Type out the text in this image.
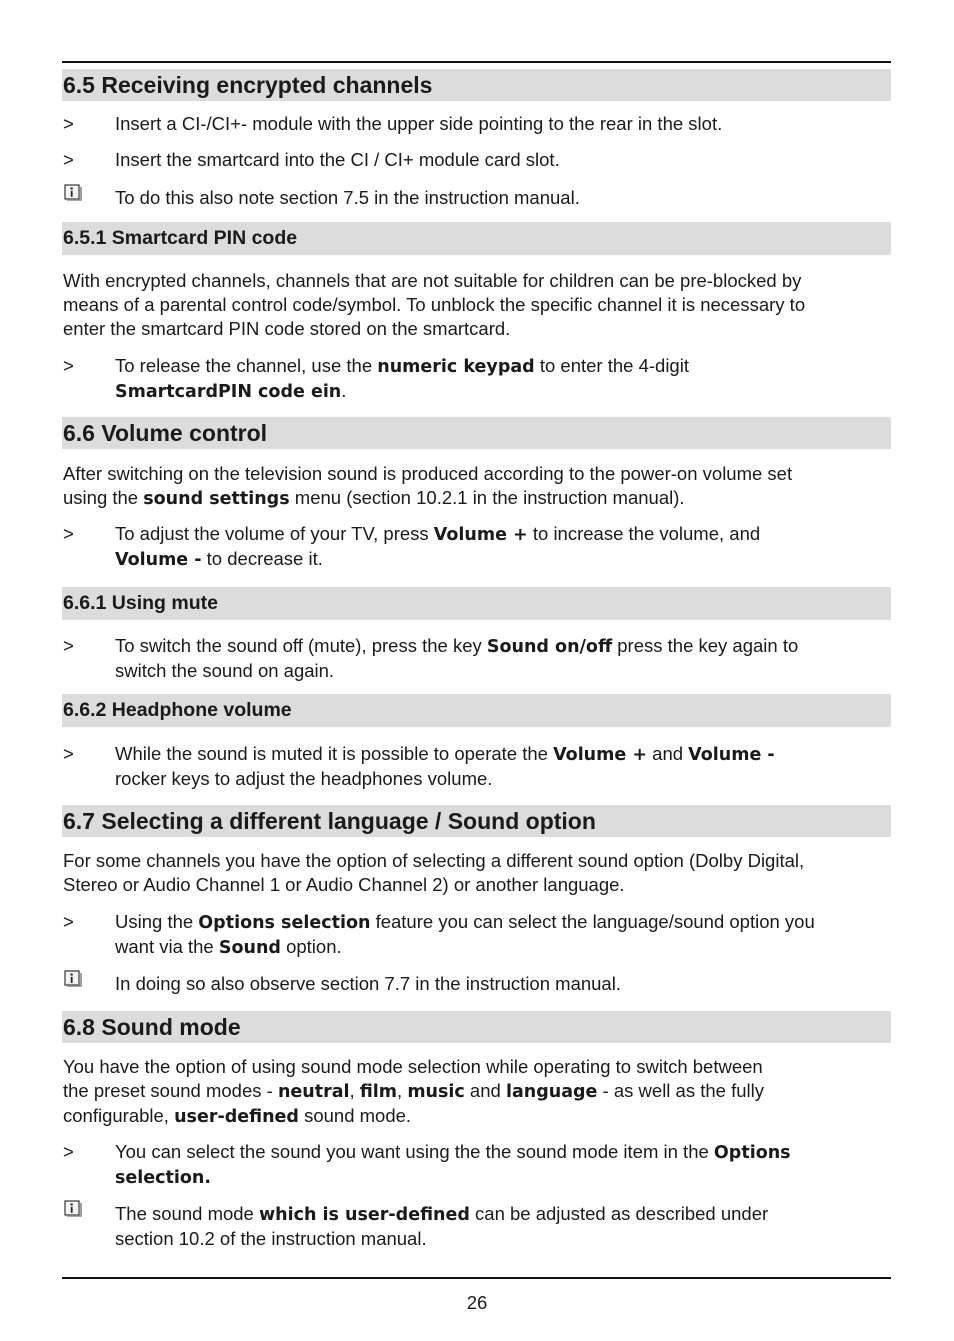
6.5 Receiving encrypted channels
>	Insert a CI-/CI+- module with the upper side pointing to the rear in the slot.
>	Insert the smartcard into the CI / CI+ module card slot.
To do this also note section 7.5 in the instruction manual.
6.5.1 Smartcard PIN code
With encrypted channels, channels that are not suitable for children can be pre-blocked by
means of a parental control code/symbol. To unblock the specific channel it is necessary to
enter the smartcard PIN code stored on the smartcard.
>	To release the channel, use the numeric keypad to enter the 4-digit
SmartcardPIN code ein.
6.6 Volume control
After switching on the television sound is produced according to the power-on volume set
using the sound settings menu (section 10.2.1 in the instruction manual).
>	To adjust the volume of your TV, press Volume + to increase the volume, and
Volume - to decrease it.
6.6.1 Using mute
>	To switch the sound off (mute), press the key Sound on/off press the key again to
switch the sound on again.
6.6.2 Headphone volume
>	While the sound is muted it is possible to operate the Volume + and Volume -
rocker keys to adjust the headphones volume.
6.7 Selecting a different language / Sound option
For some channels you have the option of selecting a different sound option (Dolby Digital,
Stereo or Audio Channel 1 or Audio Channel 2) or another language.
>	Using the Options selection feature you can select the language/sound option you
want via the Sound option.
In doing so also observe section 7.7 in the instruction manual.
6.8 Sound mode
You have the option of using sound mode selection while operating to switch between
the preset sound modes - neutral, film, music and language - as well as the fully
configurable, user-defined sound mode.
>	You can select the sound you want using the the sound mode item in the Options
selection.
The sound mode which is user-defined can be adjusted as described under
section 10.2 of the instruction manual.
26
